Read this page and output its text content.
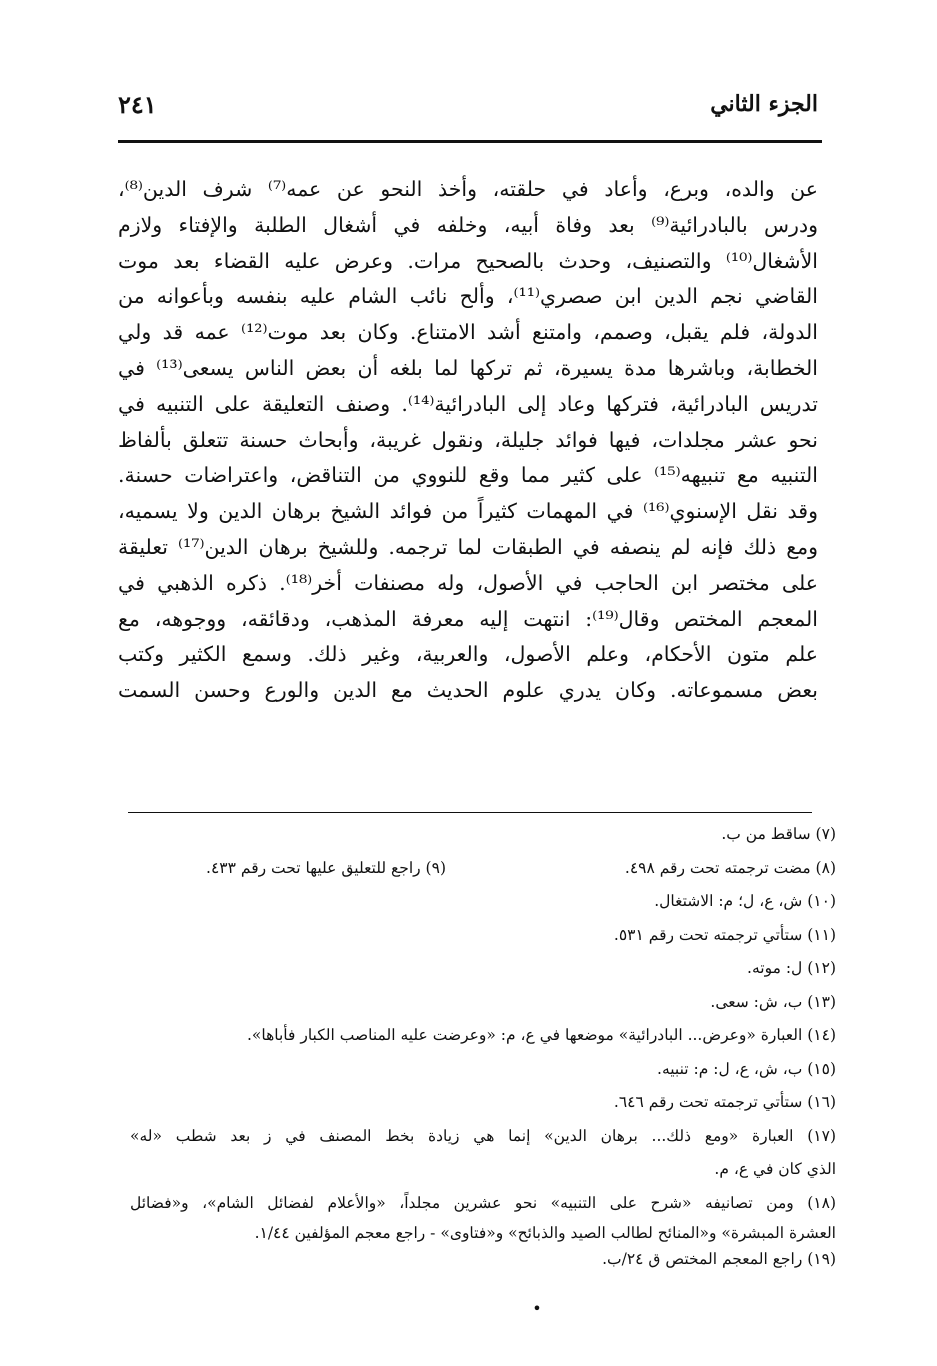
الجزء الثاني
٢٤١
عن والده، وبرع، وأعاد في حلقته، وأخذ النحو عن عمه⁽⁷⁾ شرف الدين⁽⁸⁾،
ودرس بالبادرائية⁽⁹⁾ بعد وفاة أبيه، وخلفه في أشغال الطلبة والإفتاء ولازم
الأشغال⁽¹⁰⁾ والتصنيف، وحدث بالصحيح مرات. وعرض عليه القضاء بعد موت
القاضي نجم الدين ابن صصري⁽¹¹⁾، وألح نائب الشام عليه بنفسه وبأعوانه من
الدولة، فلم يقبل، وصمم، وامتنع أشد الامتناع. وكان بعد موت⁽¹²⁾ عمه قد ولي
الخطابة، وباشرها مدة يسيرة، ثم تركها لما بلغه أن بعض الناس يسعى⁽¹³⁾ في
تدريس البادرائية، فتركها وعاد إلى البادرائية⁽¹⁴⁾. وصنف التعليقة على التنبيه في
نحو عشر مجلدات، فيها فوائد جليلة، ونقول غريبة، وأبحاث حسنة تتعلق بألفاظ
التنبيه مع تنبيهه⁽¹⁵⁾ على كثير مما وقع للنووي من التناقض، واعتراضات حسنة.
وقد نقل الإسنوي⁽¹⁶⁾ في المهمات كثيراً من فوائد الشيخ برهان الدين ولا يسميه،
ومع ذلك فإنه لم ينصفه في الطبقات لما ترجمه. وللشيخ برهان الدين⁽¹⁷⁾ تعليقة
على مختصر ابن الحاجب في الأصول، وله مصنفات أخر⁽¹⁸⁾. ذكره الذهبي في
المعجم المختص وقال⁽¹⁹⁾: انتهت إليه معرفة المذهب، ودقائقه، ووجوهه، مع
علم متون الأحكام، وعلم الأصول، والعربية، وغير ذلك. وسمع الكثير وكتب
بعض مسموعاته. وكان يدري علوم الحديث مع الدين والورع وحسن السمت
(٧) ساقط من ب.
(٨) مضت ترجمته تحت رقم ٤٩٨.
(٩) راجع للتعليق عليها تحت رقم ٤٣٣.
(١٠) ش، ع، ل؛ م: الاشتغال.
(١١) ستأتي ترجمته تحت رقم ٥٣١.
(١٢) ل: موته.
(١٣) ب، ش: سعى.
(١٤) العبارة «وعرض... البادرائية» موضعها في ع، م: «وعرضت عليه المناصب الكبار فأباها».
(١٥) ب، ش، ع، ل: م: تنبيه.
(١٦) ستأتي ترجمته تحت رقم ٦٤٦.
(١٧) العبارة «ومع ذلك... برهان الدين» إنما هي زيادة بخط المصنف في ز بعد شطب «له»
الذي كان في ع، م.
(١٨) ومن تصانيفه «شرح على التنبيه» نحو عشرين مجلداً، «والأعلام لفضائل الشام»، و«فضائل
العشرة المبشرة» و«المنائح لطالب الصيد والذبائح» و«فتاوى» - راجع معجم المؤلفين ١/٤٤.
(١٩) راجع المعجم المختص ق ٢٤/ب.
•
